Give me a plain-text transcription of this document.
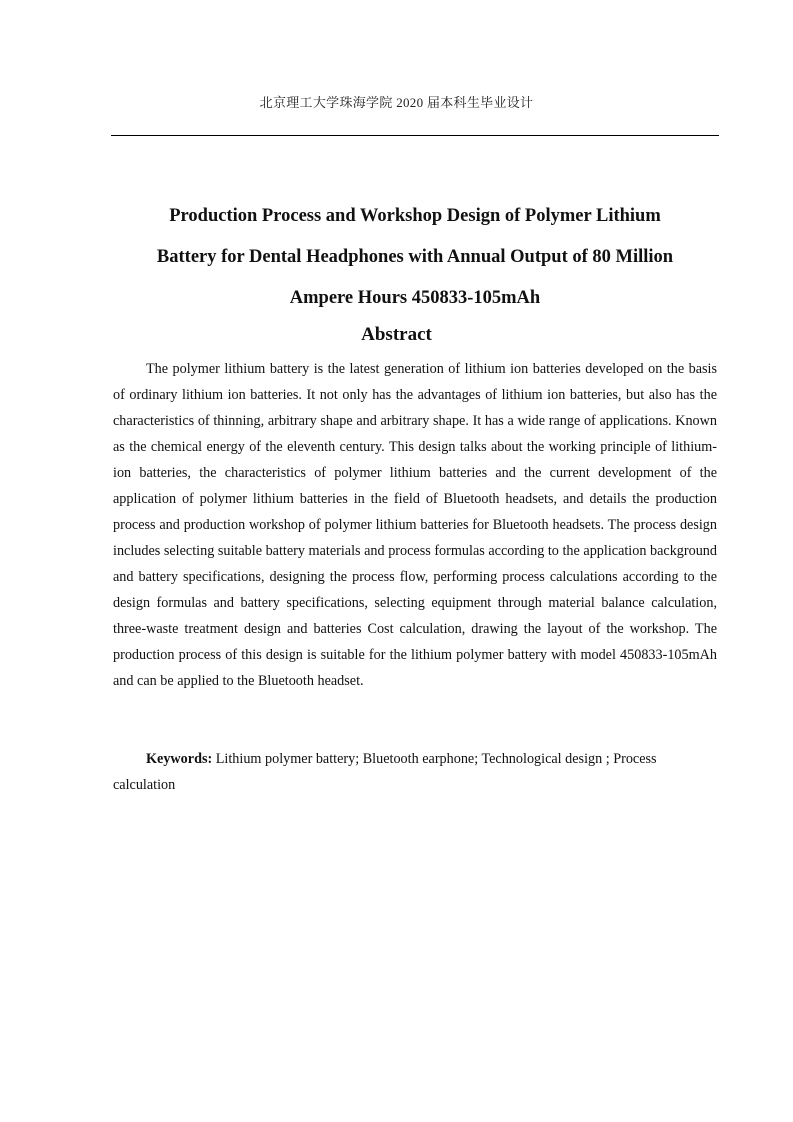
北京理工大学珠海学院 2020 届本科生毕业设计
Production Process and Workshop Design of Polymer Lithium
Battery for Dental Headphones with Annual Output of 80 Million
Ampere Hours 450833-105mAh
Abstract

The polymer lithium battery is the latest generation of lithium ion batteries developed on the basis of ordinary lithium ion batteries. It not only has the advantages of lithium ion batteries, but also has the characteristics of thinning, arbitrary shape and arbitrary shape. It has a wide range of applications. Known as the chemical energy of the eleventh century. This design talks about the working principle of lithium-ion batteries, the characteristics of polymer lithium batteries and the current development of the application of polymer lithium batteries in the field of Bluetooth headsets, and details the production process and production workshop of polymer lithium batteries for Bluetooth headsets. The process design includes selecting suitable battery materials and process formulas according to the application background and battery specifications, designing the process flow, performing process calculations according to the design formulas and battery specifications, selecting equipment through material balance calculation, three-waste treatment design and batteries Cost calculation, drawing the layout of the workshop. The production process of this design is suitable for the lithium polymer battery with model 450833-105mAh and can be applied to the Bluetooth headset.

Keywords: Lithium polymer battery; Bluetooth earphone; Technological design ; Process calculation
